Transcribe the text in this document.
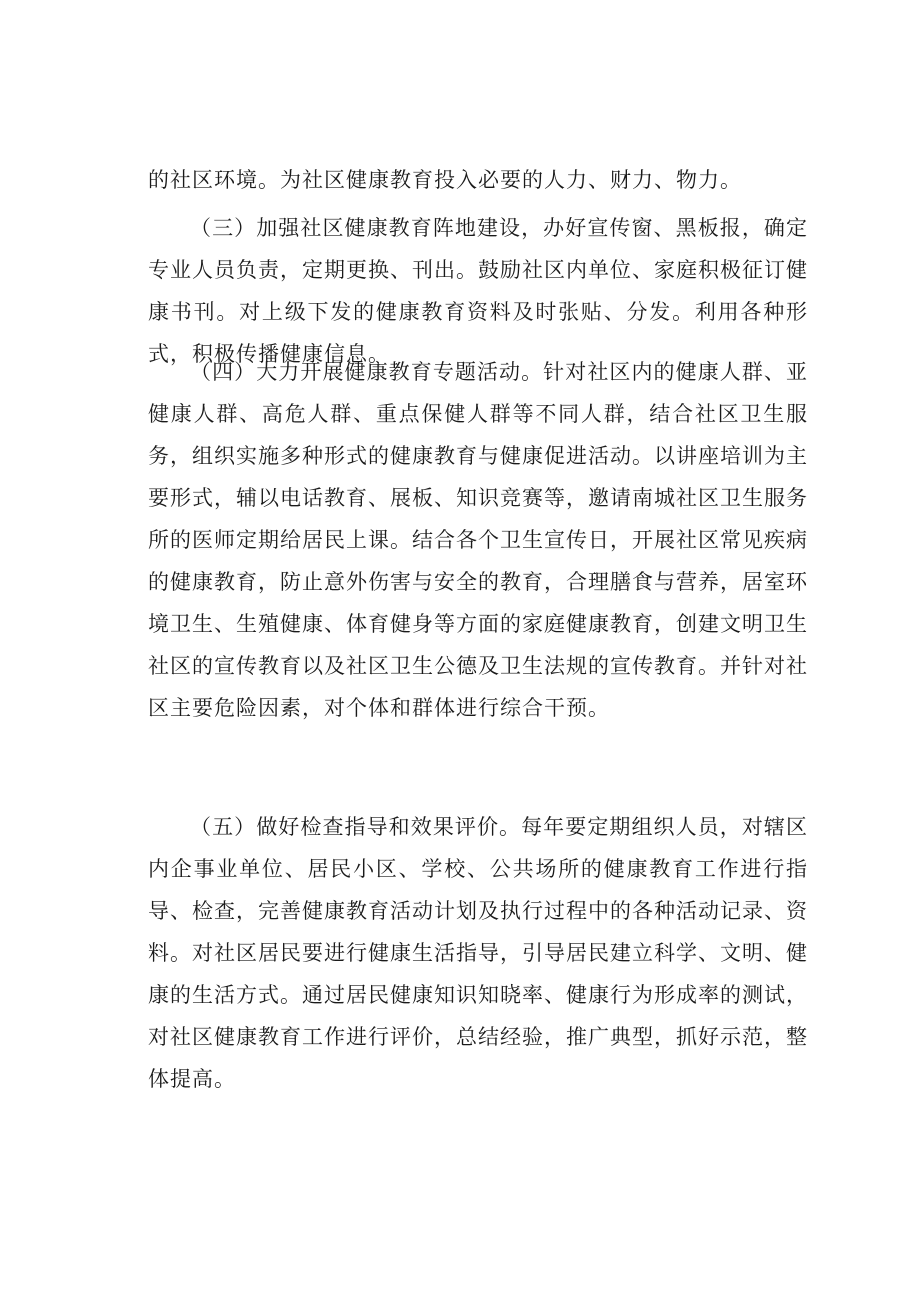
的社区环境。为社区健康教育投入必要的人力、财力、物力。

（三）加强社区健康教育阵地建设，办好宣传窗、黑板报，确定专业人员负责，定期更换、刊出。鼓励社区内单位、家庭积极征订健康书刊。对上级下发的健康教育资料及时张贴、分发。利用各种形式，积极传播健康信息。

（四）大力开展健康教育专题活动。针对社区内的健康人群、亚健康人群、高危人群、重点保健人群等不同人群，结合社区卫生服务，组织实施多种形式的健康教育与健康促进活动。以讲座培训为主要形式，辅以电话教育、展板、知识竞赛等，邀请南城社区卫生服务所的医师定期给居民上课。结合各个卫生宣传日，开展社区常见疾病的健康教育，防止意外伤害与安全的教育，合理膳食与营养，居室环境卫生、生殖健康、体育健身等方面的家庭健康教育，创建文明卫生社区的宣传教育以及社区卫生公德及卫生法规的宣传教育。并针对社区主要危险因素，对个体和群体进行综合干预。

（五）做好检查指导和效果评价。每年要定期组织人员，对辖区内企事业单位、居民小区、学校、公共场所的健康教育工作进行指导、检查，完善健康教育活动计划及执行过程中的各种活动记录、资料。对社区居民要进行健康生活指导，引导居民建立科学、文明、健康的生活方式。通过居民健康知识知晓率、健康行为形成率的测试，对社区健康教育工作进行评价，总结经验，推广典型，抓好示范，整体提高。
